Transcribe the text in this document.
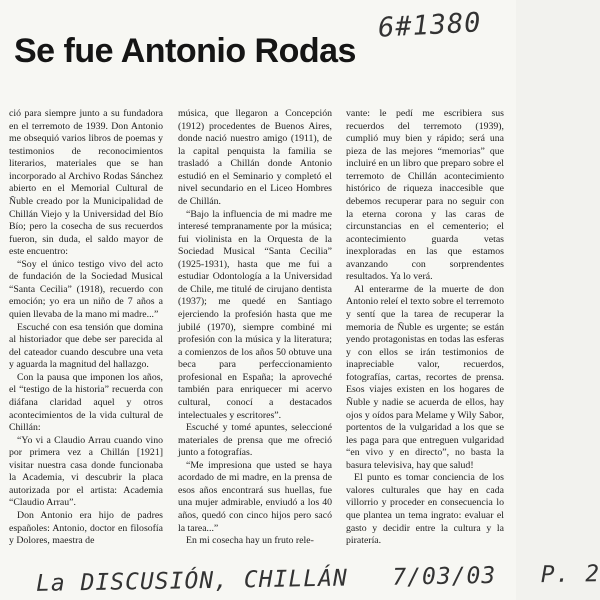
6#1380
Se fue Antonio Rodas

ció para siempre junto a su fundadora en el terremoto de 1939. Don Antonio me obsequió varios libros de poemas y testimonios de reconocimientos literarios, materiales que se han incorporado al Archivo Rodas Sánchez abierto en el Memorial Cultural de Ñuble creado por la Municipalidad de Chillán Viejo y la Universidad del Bío Bío; pero la cosecha de sus recuerdos fueron, sin duda, el saldo mayor de este encuentro:

“Soy el único testigo vivo del acto de fundación de la Sociedad Musical “Santa Cecilia” (1918), recuerdo con emoción; yo era un niño de 7 años a quien llevaba de la mano mi madre...”

Escuché con esa tensión que domina al historiador que debe ser parecida al del cateador cuando descubre una veta y aguarda la magnitud del hallazgo.

Con la pausa que imponen los años, el “testigo de la historia” recuerda con diáfana claridad aquel y otros acontecimientos de la vida cultural de Chillán:

“Yo vi a Claudio Arrau cuando vino por primera vez a Chillán [1921] visitar nuestra casa donde funcionaba la Academia, vi descubrir la placa autorizada por el artista: Academia “Claudio Arrau”.

Don Antonio era hijo de padres españoles: Antonio, doctor en filosofía y Dolores, maestra de

música, que llegaron a Concepción (1912) procedentes de Buenos Aires, donde nació nuestro amigo (1911), de la capital penquista la familia se trasladó a Chillán donde Antonio estudió en el Seminario y completó el nivel secundario en el Liceo Hombres de Chillán.

“Bajo la influencia de mi madre me interesé tempranamente por la música; fui violinista en la Orquesta de la Sociedad Musical “Santa Cecilia” (1925-1931), hasta que me fui a estudiar Odontología a la Universidad de Chile, me titulé de cirujano dentista (1937); me quedé en Santiago ejerciendo la profesión hasta que me jubilé (1970), siempre combiné mi profesión con la música y la literatura; a comienzos de los años 50 obtuve una beca para perfeccionamiento profesional en España; la aproveché también para enriquecer mi acervo cultural, conocí a destacados intelectuales y escritores”.

Escuché y tomé apuntes, seleccioné materiales de prensa que me ofreció junto a fotografías.

“Me impresiona que usted se haya acordado de mi madre, en la prensa de esos años encontrará sus huellas, fue una mujer admirable, enviudó a los 40 años, quedó con cinco hijos pero sacó la tarea...”

En mi cosecha hay un fruto rele-

vante: le pedí me escribiera sus recuerdos del terremoto (1939), cumplió muy bien y rápido; será una pieza de las mejores “memorias” que incluiré en un libro que preparo sobre el terremoto de Chillán acontecimiento histórico de riqueza inaccesible que debemos recuperar para no seguir con la eterna corona y las caras de circunstancias en el cementerio; el acontecimiento guarda vetas inexploradas en las que estamos avanzando con sorprendentes resultados. Ya lo verá.

Al enterarme de la muerte de don Antonio releí el texto sobre el terremoto y sentí que la tarea de recuperar la memoria de Ñuble es urgente; se están yendo protagonistas en todas las esferas y con ellos se irán testimonios de inapreciable valor, recuerdos, fotografías, cartas, recortes de prensa. Esos viajes existen en los hogares de Ñuble y nadie se acuerda de ellos, hay ojos y oídos para Melame y Wily Sabor, portentos de la vulgaridad a los que se les paga para que entreguen vulgaridad “en vivo y en directo”, no basta la basura televisiva, hay que salud!

El punto es tomar conciencia de los valores culturales que hay en cada villorrio y proceder en consecuencia lo que plantea un tema ingrato: evaluar el gasto y decidir entre la cultura y la piratería.

La DISCUSIÓN, CHILLÁN   7/03/03   P. 2
